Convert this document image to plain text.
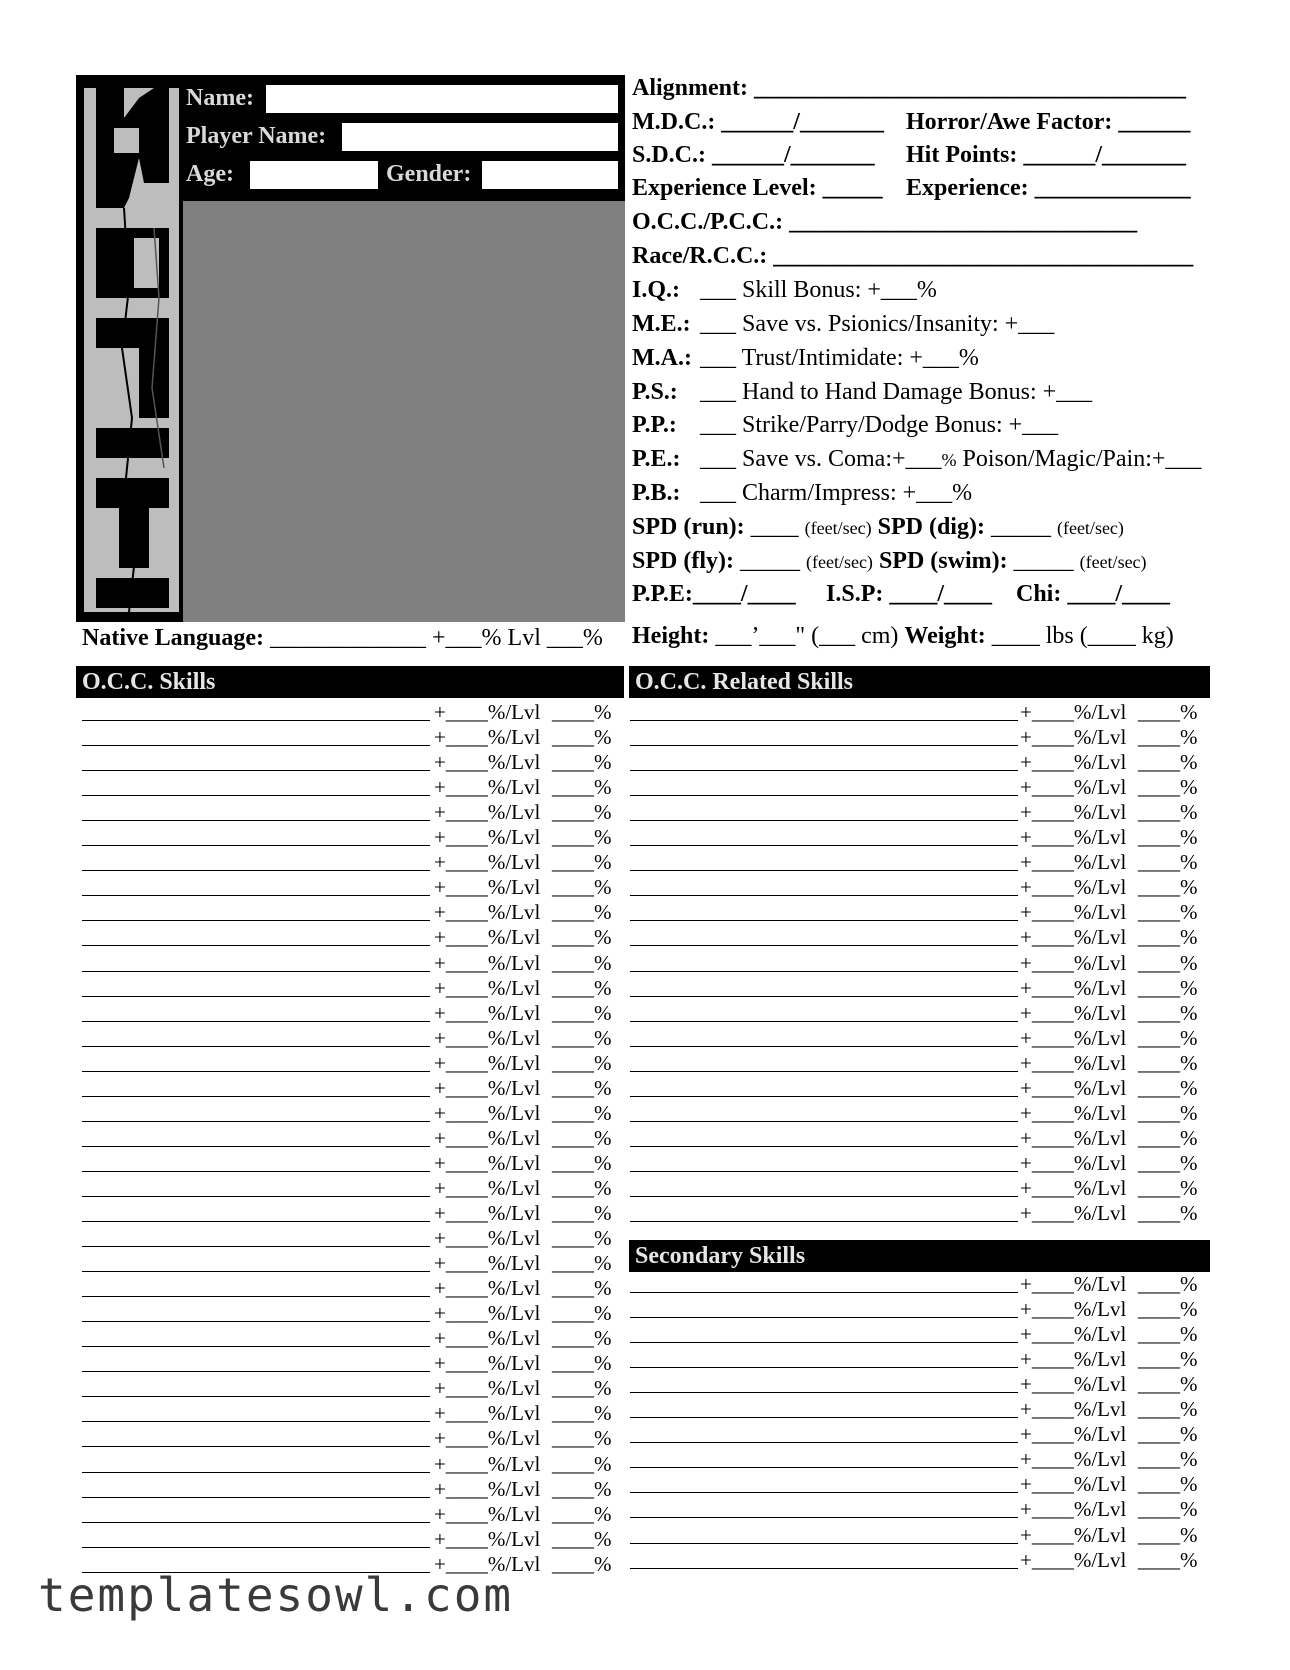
Name:
Player Name:
Age:	Gender:
Alignment: ____________________________________
M.D.C.: ______/_______ Horror/Awe Factor: ______
S.D.C.: ______/_______ Hit Points: ______/_______
Experience Level: _____ Experience: _____________
O.C.C./P.C.C.: _____________________________
Race/R.C.C.: ___________________________________
I.Q.: ___ Skill Bonus: +___%
M.E.: ___ Save vs. Psionics/Insanity: +___
M.A.: ___ Trust/Intimidate: +___%
P.S.: ___ Hand to Hand Damage Bonus: +___
P.P.: ___ Strike/Parry/Dodge Bonus: +___
P.E.: ___ Save vs. Coma:+___% Poison/Magic/Pain:+___
P.B.: ___ Charm/Impress: +___%
SPD (run): ____ (feet/sec) SPD (dig): _____ (feet/sec)
SPD (fly): _____ (feet/sec) SPD (swim): _____ (feet/sec)
P.P.E:____/____ I.S.P: ____/____ Chi: ____/____
Native Language: _____________ +___% Lvl ___% Height: ___’___" (___ cm) Weight: ____ lbs (____ kg)
O.C.C. Skills	O.C.C. Related Skills
Secondary Skills
+____%/Lvl ____%
+____%/Lvl ____%
+____%/Lvl ____%
+____%/Lvl ____%
+____%/Lvl ____%
+____%/Lvl ____%
+____%/Lvl ____%
+____%/Lvl ____%
+____%/Lvl ____%
+____%/Lvl ____%
+____%/Lvl ____%
+____%/Lvl ____%
+____%/Lvl ____%
+____%/Lvl ____%
+____%/Lvl ____%
+____%/Lvl ____%
+____%/Lvl ____%
+____%/Lvl ____%
+____%/Lvl ____%
+____%/Lvl ____%
+____%/Lvl ____%
+____%/Lvl ____%
+____%/Lvl ____%
+____%/Lvl ____%
+____%/Lvl ____%
+____%/Lvl ____%
+____%/Lvl ____%
+____%/Lvl ____%
+____%/Lvl ____%
+____%/Lvl ____%
+____%/Lvl ____%
+____%/Lvl ____%
+____%/Lvl ____%
+____%/Lvl ____%
+____%/Lvl ____%
+____%/Lvl ____%
+____%/Lvl ____%
+____%/Lvl ____%
+____%/Lvl ____%
+____%/Lvl ____%
+____%/Lvl ____%
+____%/Lvl ____%
+____%/Lvl ____%
+____%/Lvl ____%
+____%/Lvl ____%
+____%/Lvl ____%
+____%/Lvl ____%
+____%/Lvl ____%
+____%/Lvl ____%
+____%/Lvl ____%
+____%/Lvl ____%
+____%/Lvl ____%
+____%/Lvl ____%
+____%/Lvl ____%
+____%/Lvl ____%
+____%/Lvl ____%
+____%/Lvl ____%
+____%/Lvl ____%
+____%/Lvl ____%
+____%/Lvl ____%
+____%/Lvl ____%
+____%/Lvl ____%
+____%/Lvl ____%
+____%/Lvl ____%
+____%/Lvl ____%
+____%/Lvl ____%
+____%/Lvl ____%
+____%/Lvl ____%
templatesowl.com
